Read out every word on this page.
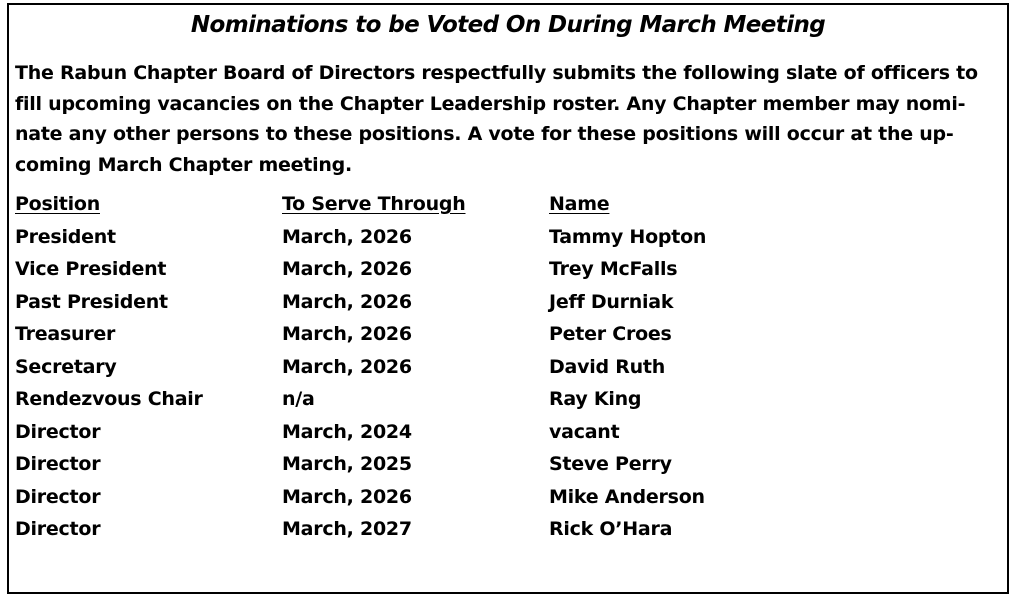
Nominations to be Voted On During March Meeting
The Rabun Chapter Board of Directors respectfully submits the following slate of officers to
fill upcoming vacancies on the Chapter Leadership roster. Any Chapter member may nomi-
nate any other persons to these positions. A vote for these positions will occur at the up-
coming March Chapter meeting.
Position	To Serve Through	Name
President	March, 2026	Tammy Hopton
Vice President	March, 2026	Trey McFalls
Past President	March, 2026	Jeff Durniak
Treasurer	March, 2026	Peter Croes
Secretary	March, 2026	David Ruth
Rendezvous Chair	n/a	Ray King
Director	March, 2024	vacant
Director	March, 2025	Steve Perry
Director	March, 2026	Mike Anderson
Director	March, 2027	Rick O’Hara
